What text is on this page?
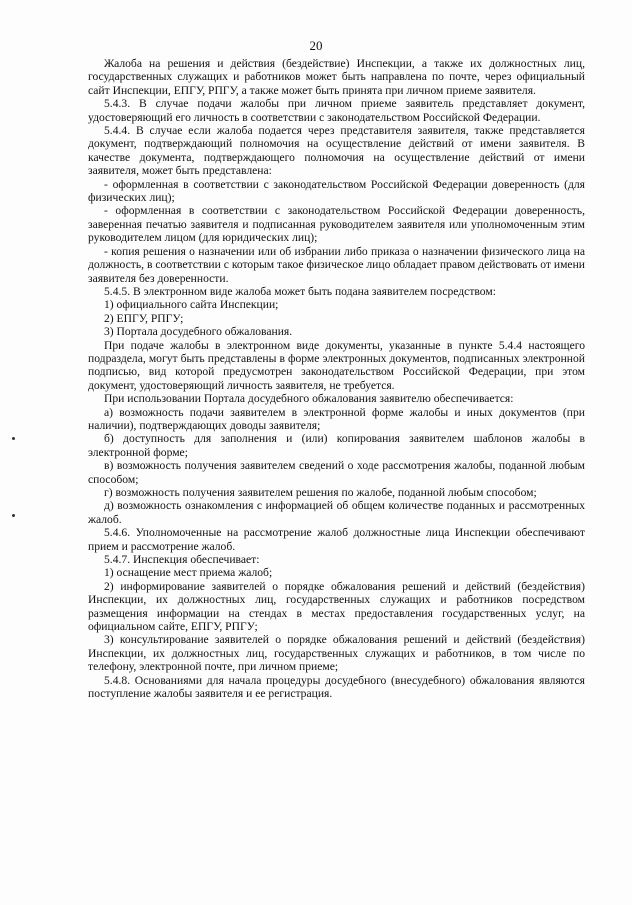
20

Жалоба на решения и действия (бездействие) Инспекции, а также их должностных лиц, государственных служащих и работников может быть направлена по почте, через официальный сайт Инспекции, ЕПГУ, РПГУ, а также может быть принята при личном приеме заявителя.

5.4.3. В случае подачи жалобы при личном приеме заявитель представляет документ, удостоверяющий его личность в соответствии с законодательством Российской Федерации.

5.4.4. В случае если жалоба подается через представителя заявителя, также представляется документ, подтверждающий полномочия на осуществление действий от имени заявителя. В качестве документа, подтверждающего полномочия на осуществление действий от имени заявителя, может быть представлена:

- оформленная в соответствии с законодательством Российской Федерации доверенность (для физических лиц);

- оформленная в соответствии с законодательством Российской Федерации доверенность, заверенная печатью заявителя и подписанная руководителем заявителя или уполномоченным этим руководителем лицом (для юридических лиц);

- копия решения о назначении или об избрании либо приказа о назначении физического лица на должность, в соответствии с которым такое физическое лицо обладает правом действовать от имени заявителя без доверенности.

5.4.5. В электронном виде жалоба может быть подана заявителем посредством:

1) официального сайта Инспекции;

2) ЕПГУ, РПГУ;

3) Портала досудебного обжалования.

При подаче жалобы в электронном виде документы, указанные в пункте 5.4.4 настоящего подраздела, могут быть представлены в форме электронных документов, подписанных электронной подписью, вид которой предусмотрен законодательством Российской Федерации, при этом документ, удостоверяющий личность заявителя, не требуется.

При использовании Портала досудебного обжалования заявителю обеспечивается:

а) возможность подачи заявителем в электронной форме жалобы и иных документов (при наличии), подтверждающих доводы заявителя;

б) доступность для заполнения и (или) копирования заявителем шаблонов жалобы в электронной форме;

в) возможность получения заявителем сведений о ходе рассмотрения жалобы, поданной любым способом;

г) возможность получения заявителем решения по жалобе, поданной любым способом;

д) возможность ознакомления с информацией об общем количестве поданных и рассмотренных жалоб.

5.4.6. Уполномоченные на рассмотрение жалоб должностные лица Инспекции обеспечивают прием и рассмотрение жалоб.

5.4.7. Инспекция обеспечивает:

1) оснащение мест приема жалоб;

2) информирование заявителей о порядке обжалования решений и действий (бездействия) Инспекции, их должностных лиц, государственных служащих и работников посредством размещения информации на стендах в местах предоставления государственных услуг, на официальном сайте, ЕПГУ, РПГУ;

3) консультирование заявителей о порядке обжалования решений и действий (бездействия) Инспекции, их должностных лиц, государственных служащих и работников, в том числе по телефону, электронной почте, при личном приеме;

5.4.8. Основаниями для начала процедуры досудебного (внесудебного) обжалования являются поступление жалобы заявителя и ее регистрация.
